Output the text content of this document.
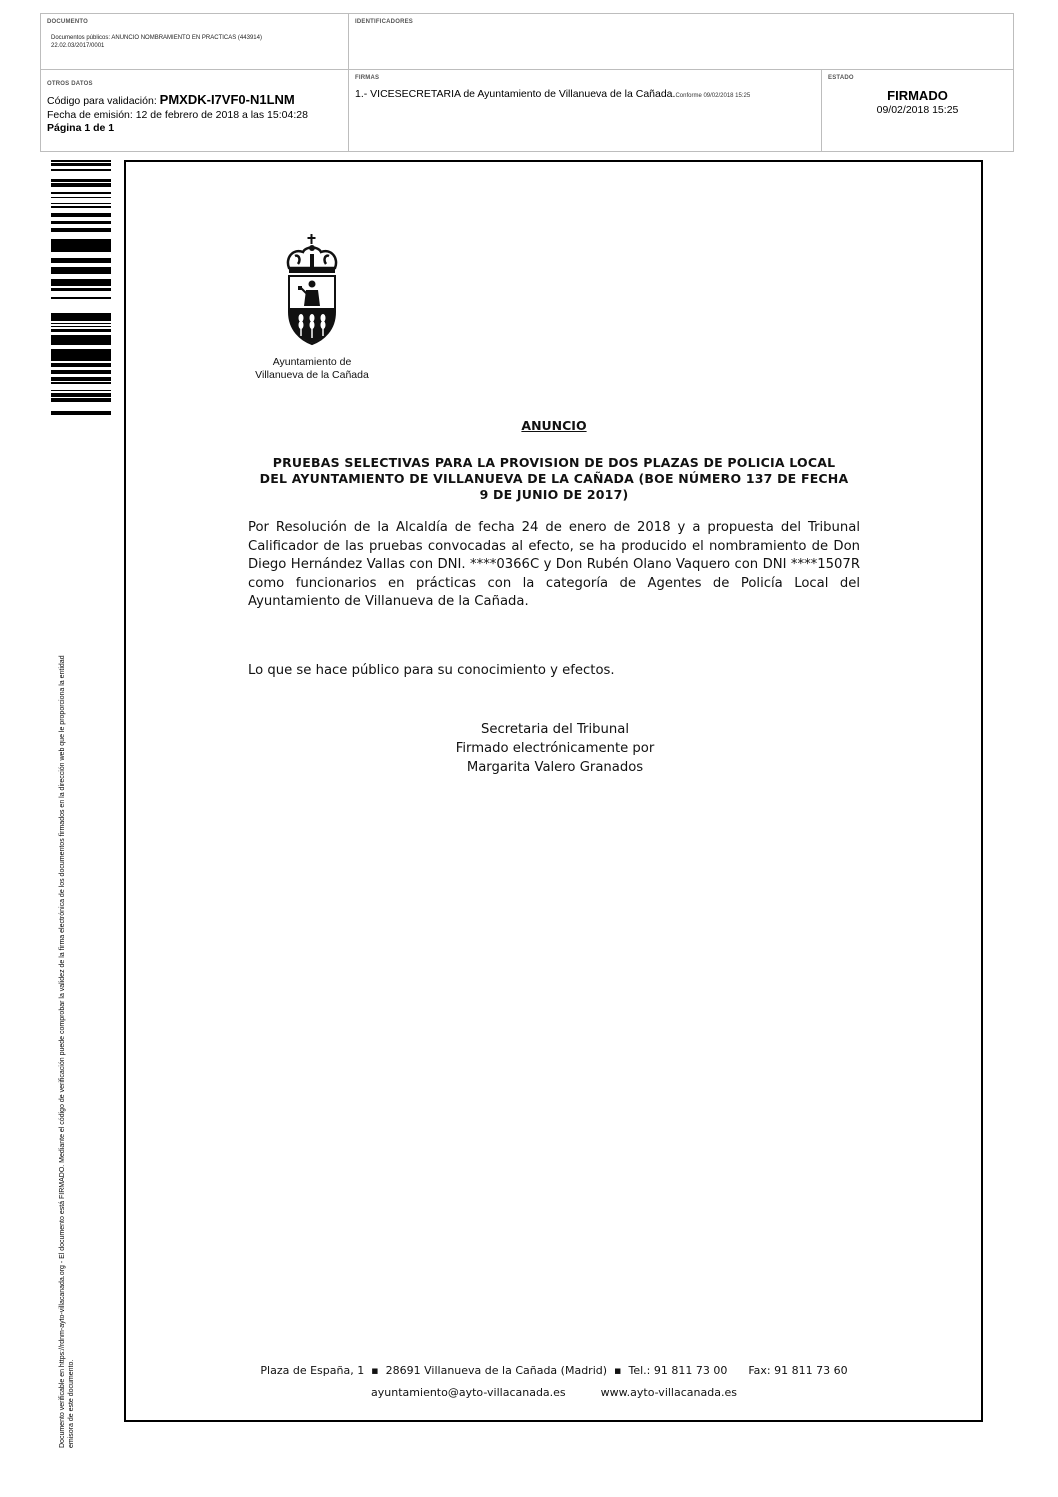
DOCUMENTO
Documentos públicos: ANUNCIO NOMBRAMIENTO EN PRACTICAS (443914)
22.02.03/2017/0001
IDENTIFICADORES
OTROS DATOS
Código para validación: PMXDK-I7VF0-N1LNM
Fecha de emisión: 12 de febrero de 2018 a las 15:04:28
Página 1 de 1
FIRMAS
1.- VICESECRETARIA de Ayuntamiento de Villanueva de la Cañada.Conforme 09/02/2018 15:25
ESTADO
FIRMADO
09/02/2018 15:25
Documento verificable en https://rdnm-ayto-villacanada.org - El documento está FIRMADO. Mediante el código de verificación puede comprobar la validez de la firma electrónica de los documentos firmados en la dirección web que le proporciona la entidad emisora de este documento.
Ayuntamiento de
Villanueva de la Cañada
ANUNCIO
PRUEBAS SELECTIVAS PARA LA PROVISION DE DOS PLAZAS DE POLICIA LOCAL
DEL AYUNTAMIENTO DE VILLANUEVA DE LA CAÑADA (BOE NÚMERO 137 DE FECHA
9 DE JUNIO DE 2017)
Por Resolución de la Alcaldía de fecha 24 de enero de 2018 y a propuesta del Tribunal Calificador de las pruebas convocadas al efecto, se ha producido el nombramiento de Don Diego Hernández Vallas con DNI. ****0366C y Don Rubén Olano Vaquero con DNI ****1507R como funcionarios en prácticas con la categoría de Agentes de Policía Local del Ayuntamiento de Villanueva de la Cañada.
Lo que se hace público para su conocimiento y efectos.
Secretaria del Tribunal
Firmado electrónicamente por
Margarita Valero Granados
Plaza de España, 1  ▪  28691 Villanueva de la Cañada (Madrid)  ▪  Tel.: 91 811 73 00 Fax: 91 811 73 60
ayuntamiento@ayto-villacanada.es	www.ayto-villacanada.es
